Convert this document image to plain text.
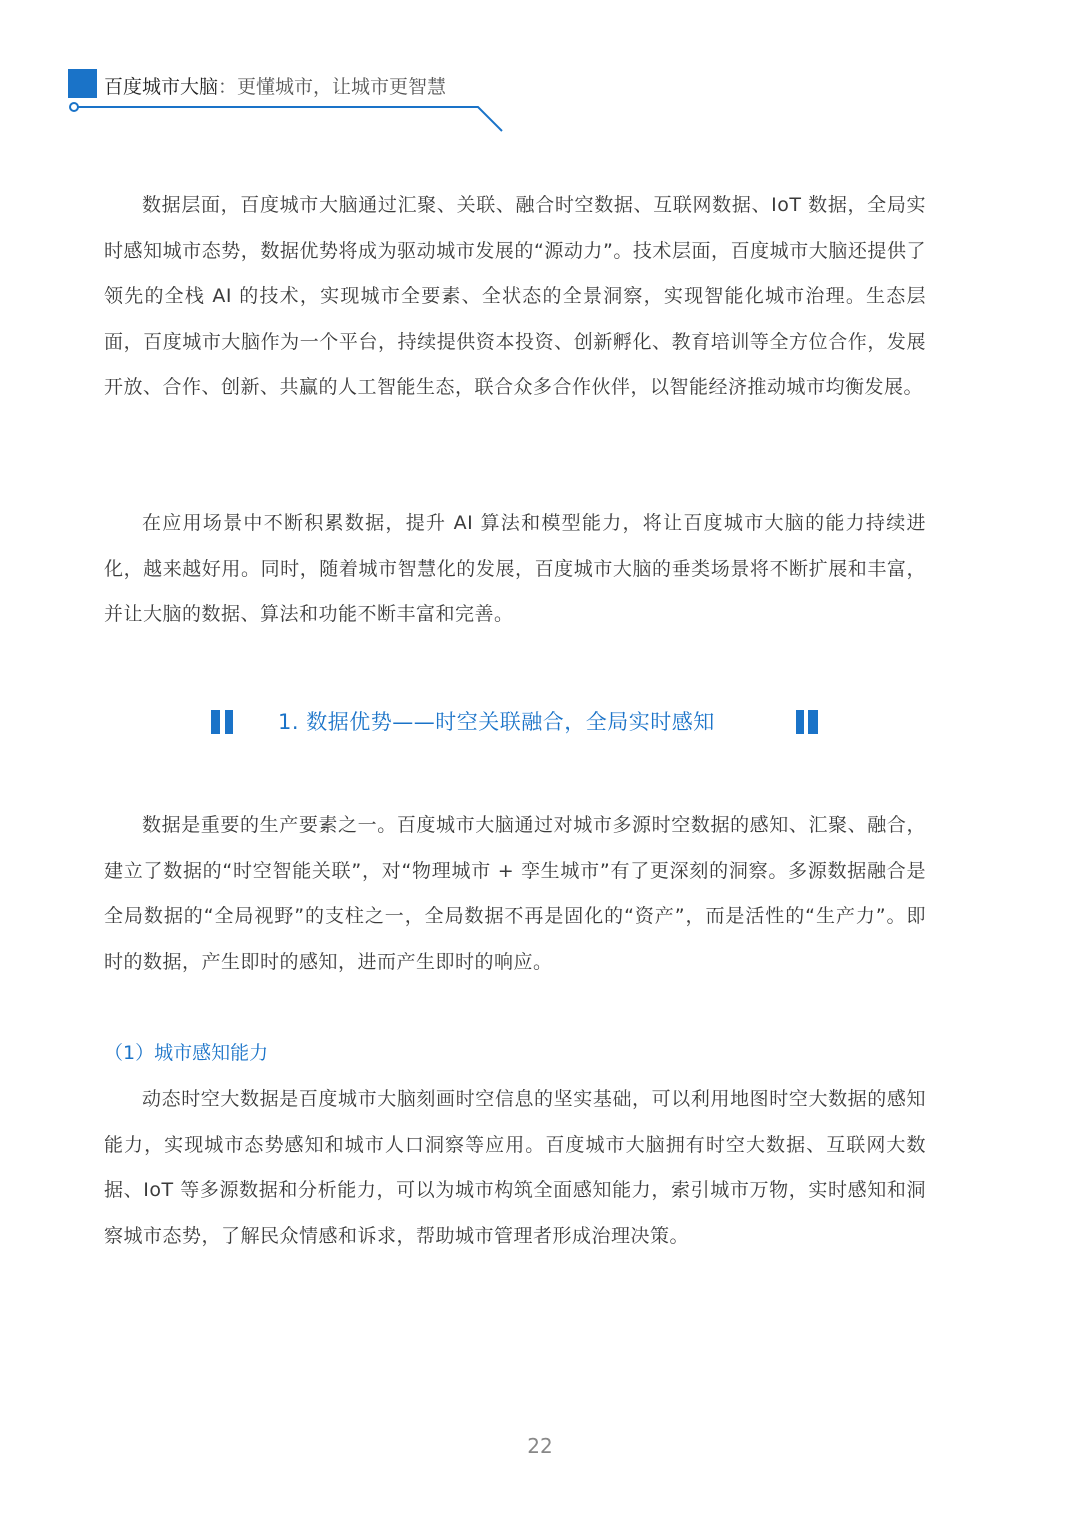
百度城市大脑：更懂城市，让城市更智慧

数据层面，百度城市大脑通过汇聚、关联、融合时空数据、互联网数据、IoT 数据，全局实时感知城市态势，数据优势将成为驱动城市发展的“源动力”。技术层面，百度城市大脑还提供了领先的全栈 AI 的技术，实现城市全要素、全状态的全景洞察，实现智能化城市治理。生态层面，百度城市大脑作为一个平台，持续提供资本投资、创新孵化、教育培训等全方位合作，发展开放、合作、创新、共赢的人工智能生态，联合众多合作伙伴，以智能经济推动城市均衡发展。

在应用场景中不断积累数据，提升 AI 算法和模型能力，将让百度城市大脑的能力持续进化，越来越好用。同时，随着城市智慧化的发展，百度城市大脑的垂类场景将不断扩展和丰富，并让大脑的数据、算法和功能不断丰富和完善。

1. 数据优势——时空关联融合，全局实时感知

数据是重要的生产要素之一。百度城市大脑通过对城市多源时空数据的感知、汇聚、融合，建立了数据的“时空智能关联”，对“物理城市 + 孪生城市”有了更深刻的洞察。多源数据融合是全局数据的“全局视野”的支柱之一，全局数据不再是固化的“资产”，而是活性的“生产力”。即时的数据，产生即时的感知，进而产生即时的响应。

（1）城市感知能力

动态时空大数据是百度城市大脑刻画时空信息的坚实基础，可以利用地图时空大数据的感知能力，实现城市态势感知和城市人口洞察等应用。百度城市大脑拥有时空大数据、互联网大数据、IoT 等多源数据和分析能力，可以为城市构筑全面感知能力，索引城市万物，实时感知和洞察城市态势，了解民众情感和诉求，帮助城市管理者形成治理决策。

22
